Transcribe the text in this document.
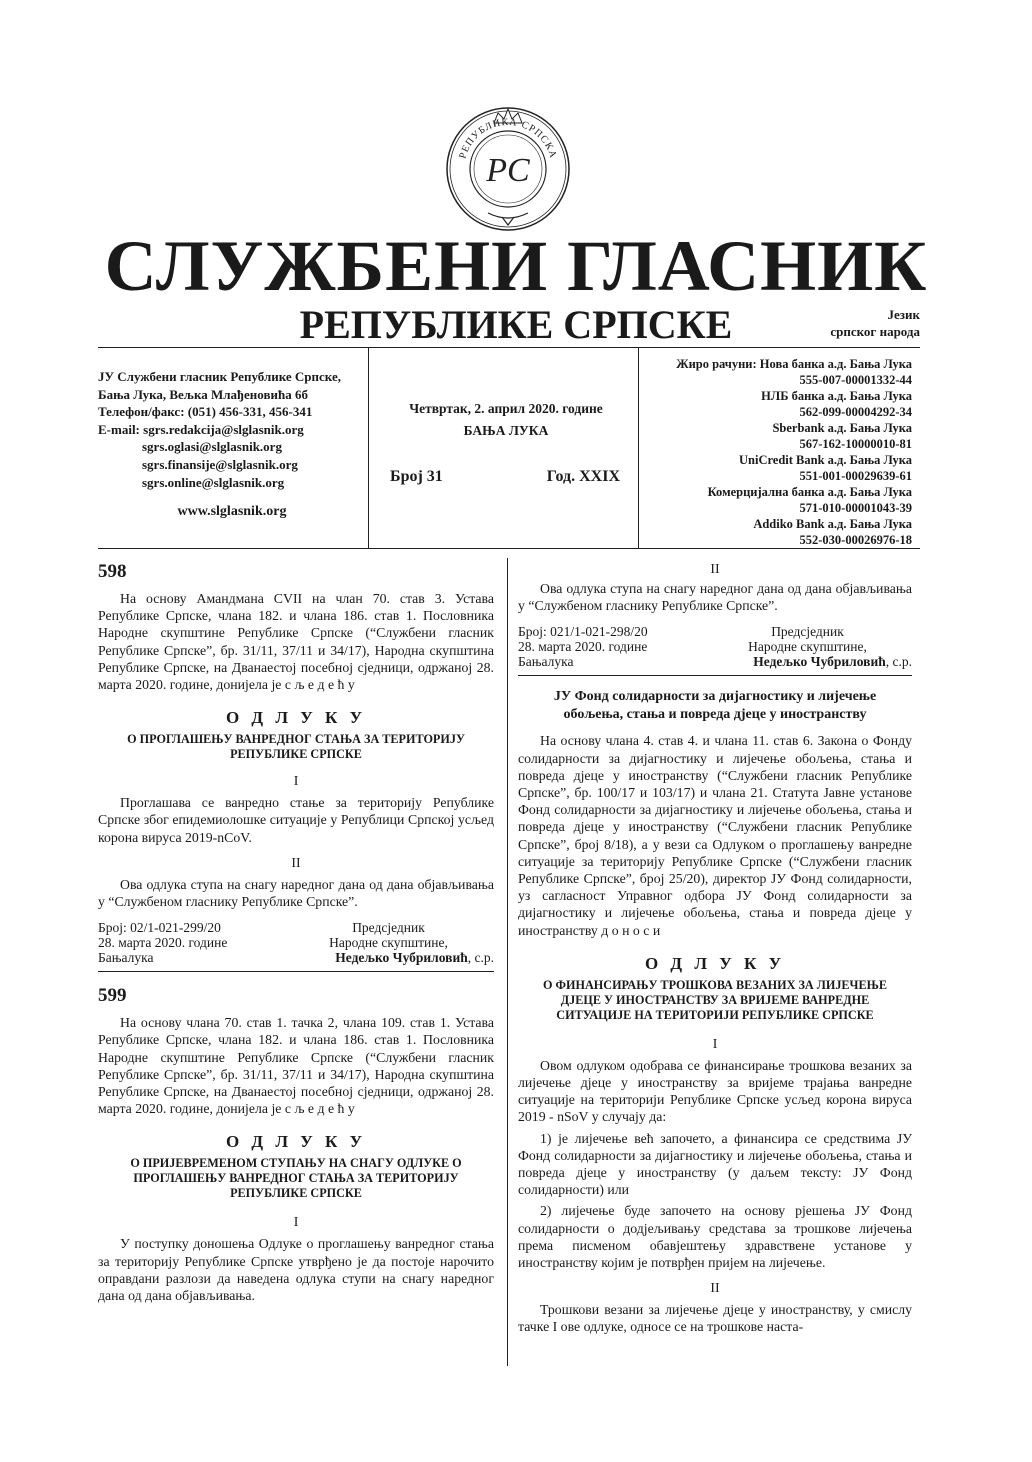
РЕПУБЛИКА СРПСКА
РС
СЛУЖБЕНИ ГЛАСНИК
РЕПУБЛИКЕ СРПСКЕ	Језик
српског народа
ЈУ Службени гласник Републике Српске,
Бања Лука, Вељка Млађеновића 6б
Телефон/факс: (051) 456-331, 456-341
E-mail: sgrs.redakcija@slglasnik.org
sgrs.oglasi@slglasnik.org
sgrs.finansije@slglasnik.org
sgrs.online@slglasnik.org
www.slglasnik.org
Четвртак, 2. април 2020. године
БАЊА ЛУКА
Број 31	Год. XXIX
Жиро рачуни: Нова банка а.д. Бања Лука
555-007-00001332-44
НЛБ банка а.д. Бања Лука
562-099-00004292-34
Sberbank а.д. Бања Лука
567-162-10000010-81
UniCredit Bank а.д. Бања Лука
551-001-00029639-61
Комерцијална банка а.д. Бања Лука
571-010-00001043-39
Addiko Bank а.д. Бања Лука
552-030-00026976-18
598

На основу Амандмана CVII на члан 70. став 3. Устава Републике Српске, члана 182. и члана 186. став 1. Пословника Народне скупштине Републике Српске (“Службени гласник Републике Српске”, бр. 31/11, 37/11 и 34/17), Народна скупштина Републике Српске, на Дванаестој посебној сједници, одржаној 28. марта 2020. године, донијела је с љ е д е ћ у

О Д Л У К У
О ПРОГЛАШЕЊУ ВАНРЕДНОГ СТАЊА ЗА ТЕРИТОРИЈУ РЕПУБЛИКЕ СРПСКЕ
I

Проглашава се ванредно стање за територију Републике Српске због епидемиолошке ситуације у Републици Српској усљед корона вируса 2019-nCoV.

II

Ова одлука ступа на снагу наредног дана од дана објављивања у “Службеном гласнику Републике Српске”.

Број: 02/1-021-299/20
28. марта 2020. године
Бањалука
Предсједник
Народне скупштине,
Недељко Чубриловић, с.р.
599

На основу члана 70. став 1. тачка 2, члана 109. став 1. Устава Републике Српске, члана 182. и члана 186. став 1. Пословника Народне скупштине Републике Српске (“Службени гласник Републике Српске”, бр. 31/11, 37/11 и 34/17), Народна скупштина Републике Српске, на Дванаестој посебној сједници, одржаној 28. марта 2020. године, донијела је с љ е д е ћ у

О Д Л У К У
О ПРИЈЕВРЕМЕНОМ СТУПАЊУ НА СНАГУ ОДЛУКЕ О ПРОГЛАШЕЊУ ВАНРЕДНОГ СТАЊА ЗА ТЕРИТОРИЈУ РЕПУБЛИКЕ СРПСКЕ
I

У поступку доношења Одлуке о проглашењу ванредног стања за територију Републике Српске утврђено је да постоје нарочито оправдани разлози да наведена одлука ступи на снагу наредног дана од дана објављивања.

II

Ова одлука ступа на снагу наредног дана од дана објављивања у “Службеном гласнику Републике Српске”.

Број: 021/1-021-298/20
28. марта 2020. године
Бањалука
Предсједник
Народне скупштине,
Недељко Чубриловић, с.р.
ЈУ Фонд солидарности за дијагностику и лијечење обољења, стања и повреда дјеце у иностранству

На основу члана 4. став 4. и члана 11. став 6. Закона о Фонду солидарности за дијагностику и лијечење обољења, стања и повреда дјеце у иностранству (“Службени гласник Републике Српске”, бр. 100/17 и 103/17) и члана 21. Статута Јавне установе Фонд солидарности за дијагностику и лијечење обољења, стања и повреда дјеце у иностранству (“Службени гласник Републике Српске”, број 8/18), а у вези са Одлуком о проглашењу ванредне ситуације за територију Републике Српске (“Службени гласник Републике Српске”, број 25/20), директор ЈУ Фонд солидарности, уз сагласност Управног одбора ЈУ Фонд солидарности за дијагностику и лијечење обољења, стања и повреда дјеце у иностранству д о н о с и

О Д Л У К У
О ФИНАНСИРАЊУ ТРОШКОВА ВЕЗАНИХ ЗА ЛИЈЕЧЕЊЕ ДЈЕЦЕ У ИНОСТРАНСТВУ ЗА ВРИЈЕМЕ ВАНРЕДНЕ СИТУАЦИЈЕ НА ТЕРИТОРИЈИ РЕПУБЛИКЕ СРПСКЕ
I

Овом одлуком одобрава се финансирање трошкова везаних за лијечење дјеце у иностранству за вријеме трајања ванредне ситуације на територији Републике Српске усљед корона вируса 2019 - nSoV у случају да:

1) је лијечење већ започето, а финансира се средствима ЈУ Фонд солидарности за дијагностику и лијечење обољења, стања и повреда дјеце у иностранству (у даљем тексту: ЈУ Фонд солидарности) или

2) лијечење буде започето на основу рјешења ЈУ Фонд солидарности о додјељивању средстава за трошкове лијечења према писменом обавјештењу здравствене установе у иностранству којим је потврђен пријем на лијечење.

II

Трошкови везани за лијечење дјеце у иностранству, у смислу тачке I ове одлуке, односе се на трошкове наста-
